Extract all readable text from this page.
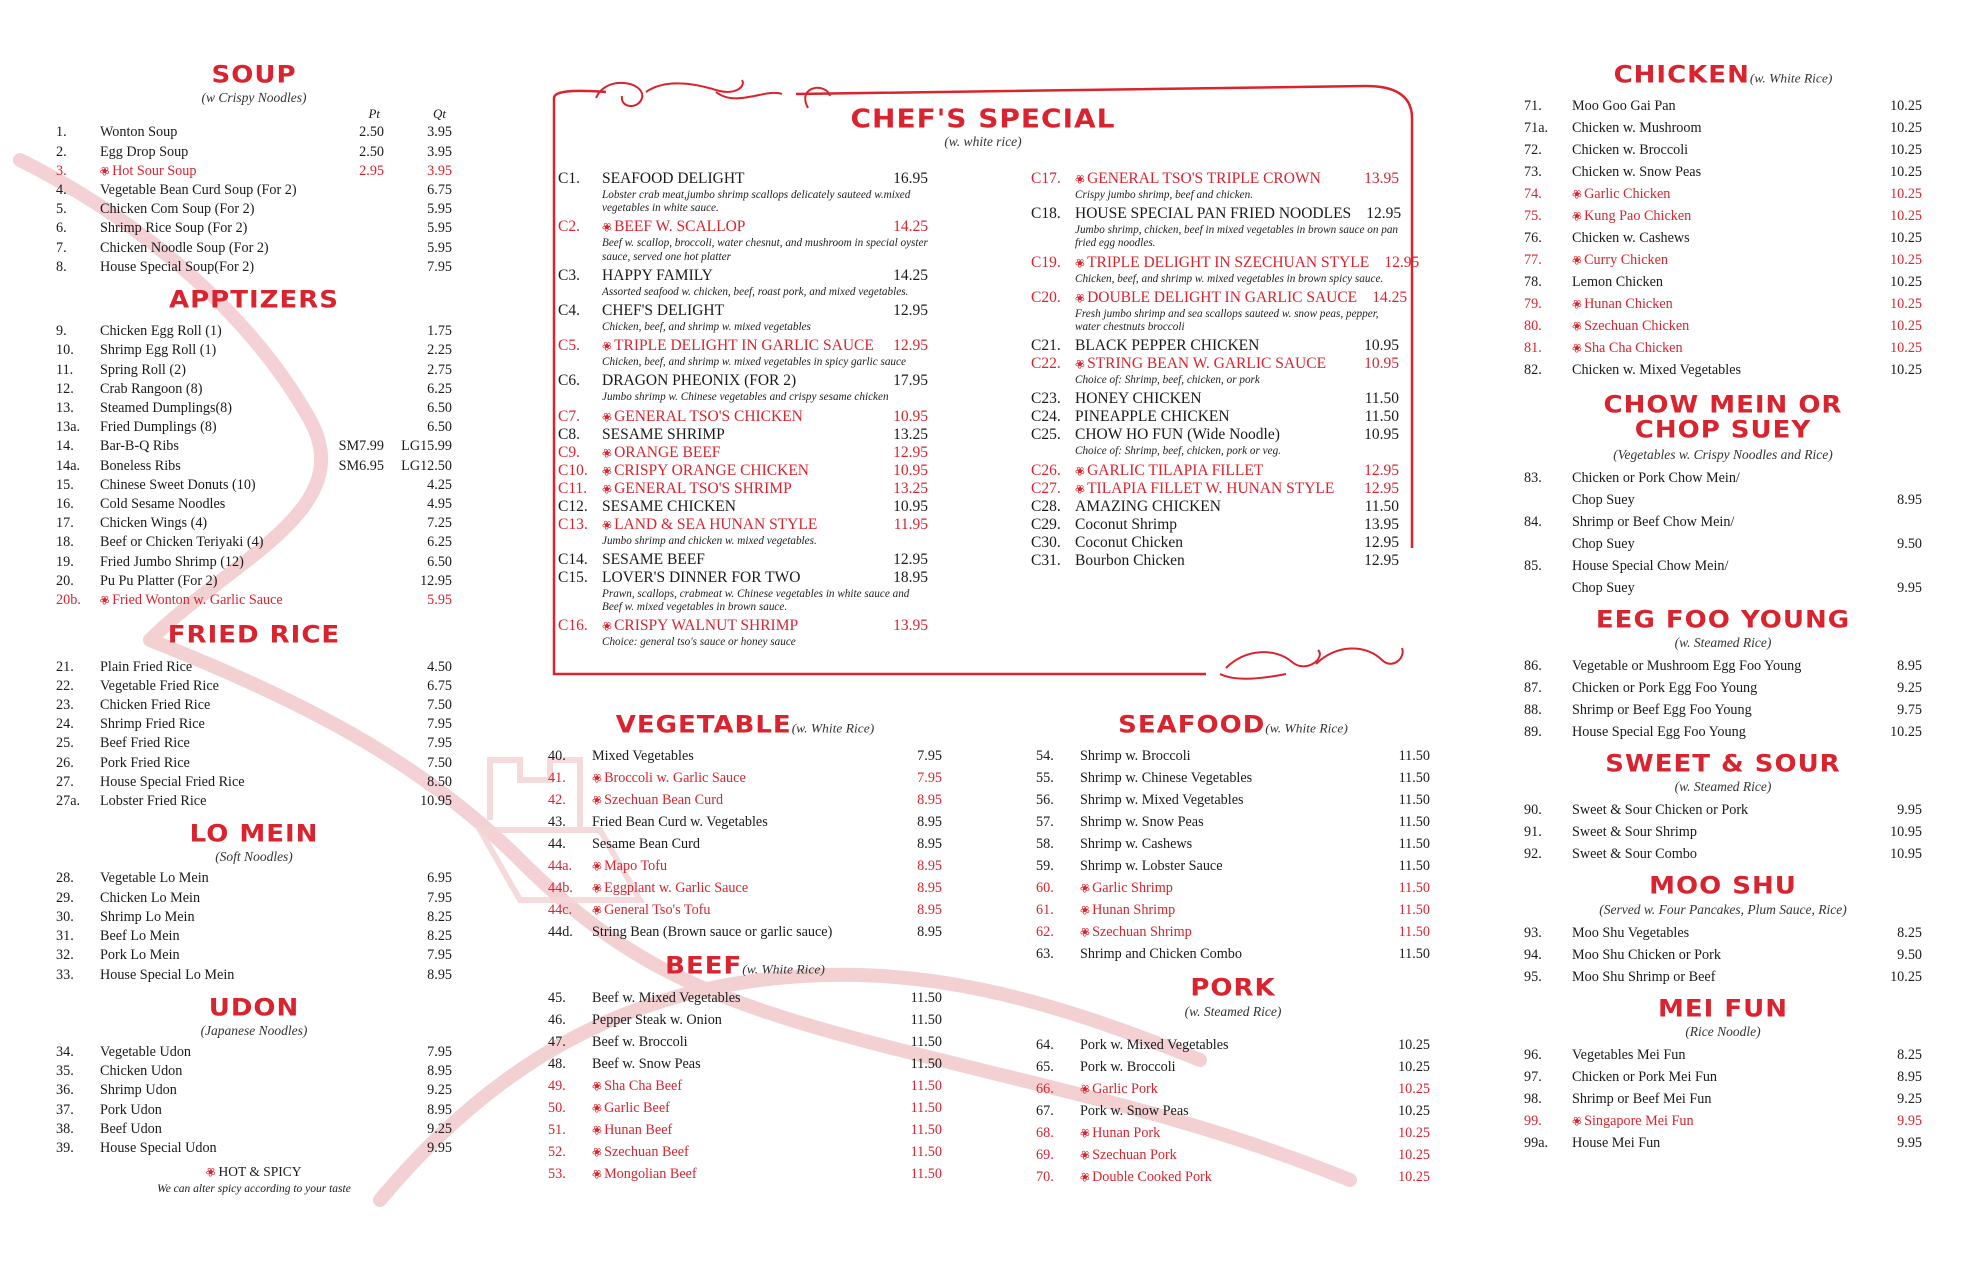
SOUP
(w Crispy Noodles)
Pt	Qt
1.	Wonton Soup	2.50	3.95
2.	Egg Drop Soup	2.50	3.95
3.	❀Hot Sour Soup	2.95	3.95
4.	Vegetable Bean Curd Soup (For 2)	6.75
5.	Chicken Com Soup (For 2)	5.95
6.	Shrimp Rice Soup (For 2)	5.95
7.	Chicken Noodle Soup (For 2)	5.95
8.	House Special Soup(For 2)	7.95
APPTIZERS
9.	Chicken Egg Roll (1)	1.75
10.	Shrimp Egg Roll (1)	2.25
11.	Spring Roll (2)	2.75
12.	Crab Rangoon (8)	6.25
13.	Steamed Dumplings(8)	6.50
13a.	Fried Dumplings (8)	6.50
14.	Bar-B-Q Ribs	SM7.99	LG15.99
14a.	Boneless Ribs	SM6.95	LG12.50
15.	Chinese Sweet Donuts (10)	4.25
16.	Cold Sesame Noodles	4.95
17.	Chicken Wings (4)	7.25
18.	Beef or Chicken Teriyaki (4)	6.25
19.	Fried Jumbo Shrimp (12)	6.50
20.	Pu Pu Platter (For 2)	12.95
20b.	❀Fried Wonton w. Garlic Sauce	5.95
FRIED RICE
21.	Plain Fried Rice	4.50
22.	Vegetable Fried Rice	6.75
23.	Chicken Fried Rice	7.50
24.	Shrimp Fried Rice	7.95
25.	Beef Fried Rice	7.95
26.	Pork Fried Rice	7.50
27.	House Special Fried Rice	8.50
27a.	Lobster Fried Rice	10.95
LO MEIN
(Soft Noodles)
28.	Vegetable Lo Mein	6.95
29.	Chicken Lo Mein	7.95
30.	Shrimp Lo Mein	8.25
31.	Beef Lo Mein	8.25
32.	Pork Lo Mein	7.95
33.	House Special Lo Mein	8.95
UDON
(Japanese Noodles)
34.	Vegetable Udon	7.95
35.	Chicken Udon	8.95
36.	Shrimp Udon	9.25
37.	Pork Udon	8.95
38.	Beef Udon	9.25
39.	House Special Udon	9.95
❀HOT & SPICY
We can alter spicy according to your taste
CHEF'S SPECIAL
(w. white rice)
C1.	SEAFOOD DELIGHT	16.95
Lobster crab meat,jumbo shrimp scallops delicately sauteed w.mixed vegetables in white sauce.
C2.	❀BEEF W. SCALLOP	14.25
Beef w. scallop, broccoli, water chesnut, and mushroom in special oyster sauce, served one hot platter
C3.	HAPPY FAMILY	14.25
Assorted seafood w. chicken, beef, roast pork, and mixed vegetables.
C4.	CHEF'S DELIGHT	12.95
Chicken, beef, and shrimp w. mixed vegetables
C5.	❀TRIPLE DELIGHT IN GARLIC SAUCE	12.95
Chicken, beef, and shrimp w. mixed vegetables in spicy garlic sauce
C6.	DRAGON PHEONIX (FOR 2)	17.95
Jumbo shrimp w. Chinese vegetables and crispy sesame chicken
C7.	❀GENERAL TSO'S CHICKEN	10.95
C8.	SESAME SHRIMP	13.25
C9.	❀ORANGE BEEF	12.95
C10. ❀CRISPY ORANGE CHICKEN	10.95
C11.	❀GENERAL TSO'S SHRIMP	13.25
C12. SESAME CHICKEN	10.95
C13. ❀LAND & SEA HUNAN STYLE	11.95
Jumbo shrimp and chicken w. mixed vegetables.
C14. SESAME BEEF	12.95
C15. LOVER'S DINNER FOR TWO	18.95
Prawn, scallops, crabmeat w. Chinese vegetables in white sauce and Beef w. mixed vegetables in brown sauce.
C16. ❀CRISPY WALNUT SHRIMP	13.95
Choice: general tso's sauce or honey sauce
C17. ❀GENERAL TSO'S TRIPLE CROWN	13.95
Crispy jumbo shrimp, beef and chicken.
C18. HOUSE SPECIAL PAN FRIED NOODLES 12.95
Jumbo shrimp, chicken, beef in mixed vegetables in brown sauce on pan fried egg noodles.
C19. ❀TRIPLE DELIGHT IN SZECHUAN STYLE 12.95
Chicken, beef, and shrimp w. mixed vegetables in brown spicy sauce.
C20. ❀DOUBLE DELIGHT IN GARLIC SAUCE 14.25
Fresh jumbo shrimp and sea scallops sauteed w. snow peas, pepper, water chestnuts broccoli
C21. BLACK PEPPER CHICKEN	10.95
C22. ❀STRING BEAN W. GARLIC SAUCE	10.95
Choice of: Shrimp, beef, chicken, or pork
C23. HONEY CHICKEN	11.50
C24. PINEAPPLE CHICKEN	11.50
C25. CHOW HO FUN (Wide Noodle)	10.95
Choice of: Shrimp, beef, chicken, pork or veg.
C26. ❀GARLIC TILAPIA FILLET	12.95
C27. ❀TILAPIA FILLET W. HUNAN STYLE	12.95
C28. AMAZING CHICKEN	11.50
C29. Coconut Shrimp	13.95
C30. Coconut Chicken	12.95
C31. Bourbon Chicken	12.95
VEGETABLE(w. White Rice)
40.	Mixed Vegetables	7.95
41.	❀Broccoli w. Garlic Sauce	7.95
42.	❀Szechuan Bean Curd	8.95
43.	Fried Bean Curd w. Vegetables	8.95
44.	Sesame Bean Curd	8.95
44a.	❀Mapo Tofu	8.95
44b.	❀Eggplant w. Garlic Sauce	8.95
44c.	❀General Tso's Tofu	8.95
44d.	String Bean (Brown sauce or garlic sauce)	8.95
BEEF(w. White Rice)
45.	Beef w. Mixed Vegetables	11.50
46.	Pepper Steak w. Onion	11.50
47.	Beef w. Broccoli	11.50
48.	Beef w. Snow Peas	11.50
49.	❀Sha Cha Beef	11.50
50.	❀Garlic Beef	11.50
51.	❀Hunan Beef	11.50
52.	❀Szechuan Beef	11.50
53.	❀Mongolian Beef	11.50
SEAFOOD(w. White Rice)
54.	Shrimp w. Broccoli	11.50
55.	Shrimp w. Chinese Vegetables	11.50
56.	Shrimp w. Mixed Vegetables	11.50
57.	Shrimp w. Snow Peas	11.50
58.	Shrimp w. Cashews	11.50
59.	Shrimp w. Lobster Sauce	11.50
60.	❀Garlic Shrimp	11.50
61.	❀Hunan Shrimp	11.50
62.	❀Szechuan Shrimp	11.50
63.	Shrimp and Chicken Combo	11.50
PORK
(w. Steamed Rice)
64.	Pork w. Mixed Vegetables	10.25
65.	Pork w. Broccoli	10.25
66.	❀Garlic Pork	10.25
67.	Pork w. Snow Peas	10.25
68.	❀Hunan Pork	10.25
69.	❀Szechuan Pork	10.25
70.	❀Double Cooked Pork	10.25
CHICKEN(w. White Rice)
71.	Moo Goo Gai Pan	10.25
71a.	Chicken w. Mushroom	10.25
72.	Chicken w. Broccoli	10.25
73.	Chicken w. Snow Peas	10.25
74.	❀Garlic Chicken	10.25
75.	❀Kung Pao Chicken	10.25
76.	Chicken w. Cashews	10.25
77.	❀Curry Chicken	10.25
78.	Lemon Chicken	10.25
79.	❀Hunan Chicken	10.25
80.	❀Szechuan Chicken	10.25
81.	❀Sha Cha Chicken	10.25
82.	Chicken w. Mixed Vegetables	10.25
CHOW MEIN OR
CHOP SUEY
(Vegetables w. Crispy Noodles and Rice)
83.	Chicken or Pork Chow Mein/
Chop Suey	8.95
84.	Shrimp or Beef Chow Mein/
Chop Suey	9.50
85.	House Special Chow Mein/
Chop Suey	9.95
EEG FOO YOUNG
(w. Steamed Rice)
86.	Vegetable or Mushroom Egg Foo Young	8.95
87.	Chicken or Pork Egg Foo Young	9.25
88.	Shrimp or Beef Egg Foo Young	9.75
89.	House Special Egg Foo Young	10.25
SWEET & SOUR
(w. Steamed Rice)
90.	Sweet & Sour Chicken or Pork	9.95
91.	Sweet & Sour Shrimp	10.95
92.	Sweet & Sour Combo	10.95
MOO SHU
(Served w. Four Pancakes, Plum Sauce, Rice)
93.	Moo Shu Vegetables	8.25
94.	Moo Shu Chicken or Pork	9.50
95.	Moo Shu Shrimp or Beef	10.25
MEI FUN
(Rice Noodle)
96.	Vegetables Mei Fun	8.25
97.	Chicken or Pork Mei Fun	8.95
98.	Shrimp or Beef Mei Fun	9.25
99.	❀Singapore Mei Fun	9.95
99a.	House Mei Fun	9.95
